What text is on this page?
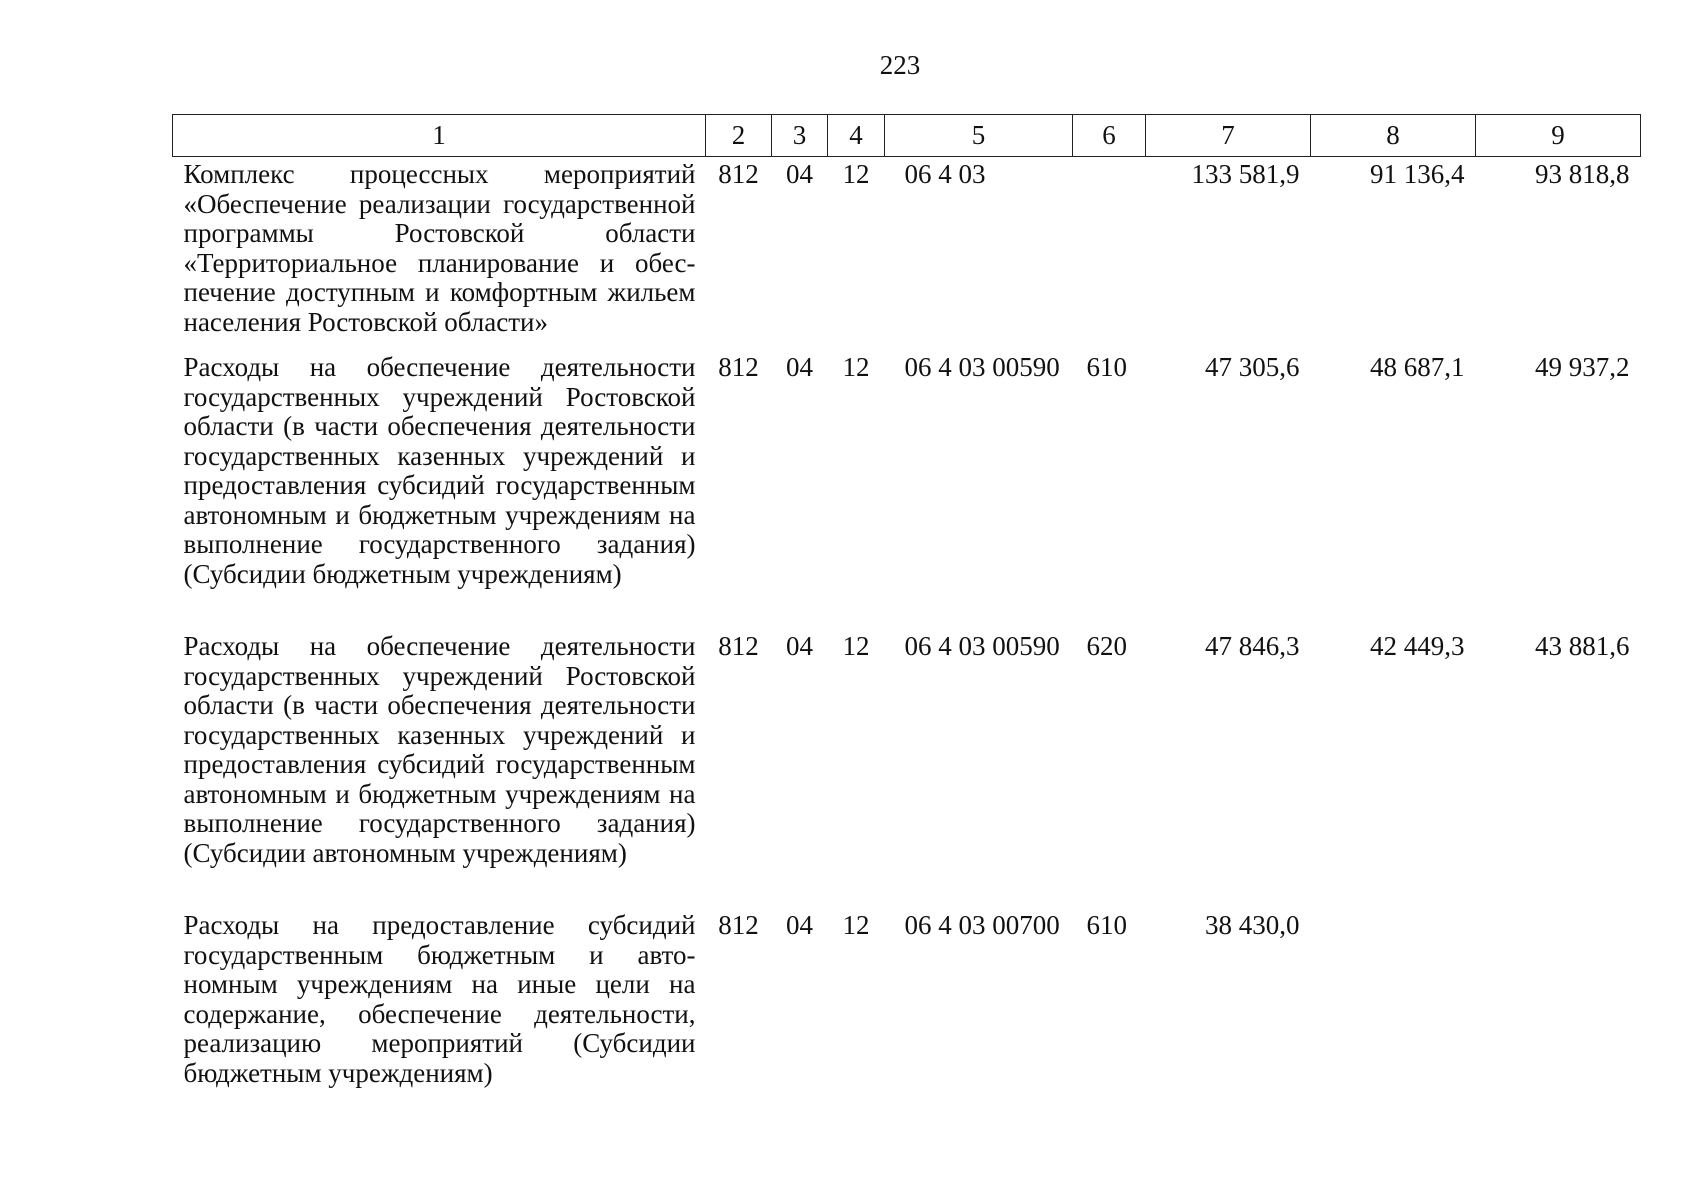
223
1	2	3	4	5	6	7	8	9
Комплекс процессных мероприятий «Обеспечение реализации государственной программы Ростовской области «Территориальное планирование и обеспечение доступным и комфортным жильем населения Ростовской области»	812	04	12	06 4 03		133 581,9	91 136,4	93 818,8
Расходы на обеспечение деятельности государственных учреждений Ростовской области (в части обеспечения деятельности государственных казенных учреждений и предоставления субсидий государственным автономным и бюджетным учреждениям на выполнение государственного задания) (Субсидии бюджетным учреждениям)	812	04	12	06 4 03 00590	610	47 305,6	48 687,1	49 937,2
Расходы на обеспечение деятельности государственных учреждений Ростовской области (в части обеспечения деятельности государственных казенных учреждений и предоставления субсидий государственным автономным и бюджетным учреждениям на выполнение государственного задания) (Субсидии автономным учреждениям)	812	04	12	06 4 03 00590	620	47 846,3	42 449,3	43 881,6
Расходы на предоставление субсидий государственным бюджетным и автономным учреждениям на иные цели на содержание, обеспечение деятельности, реализацию мероприятий (Субсидии бюджетным учреждениям)	812	04	12	06 4 03 00700	610	38 430,0		
